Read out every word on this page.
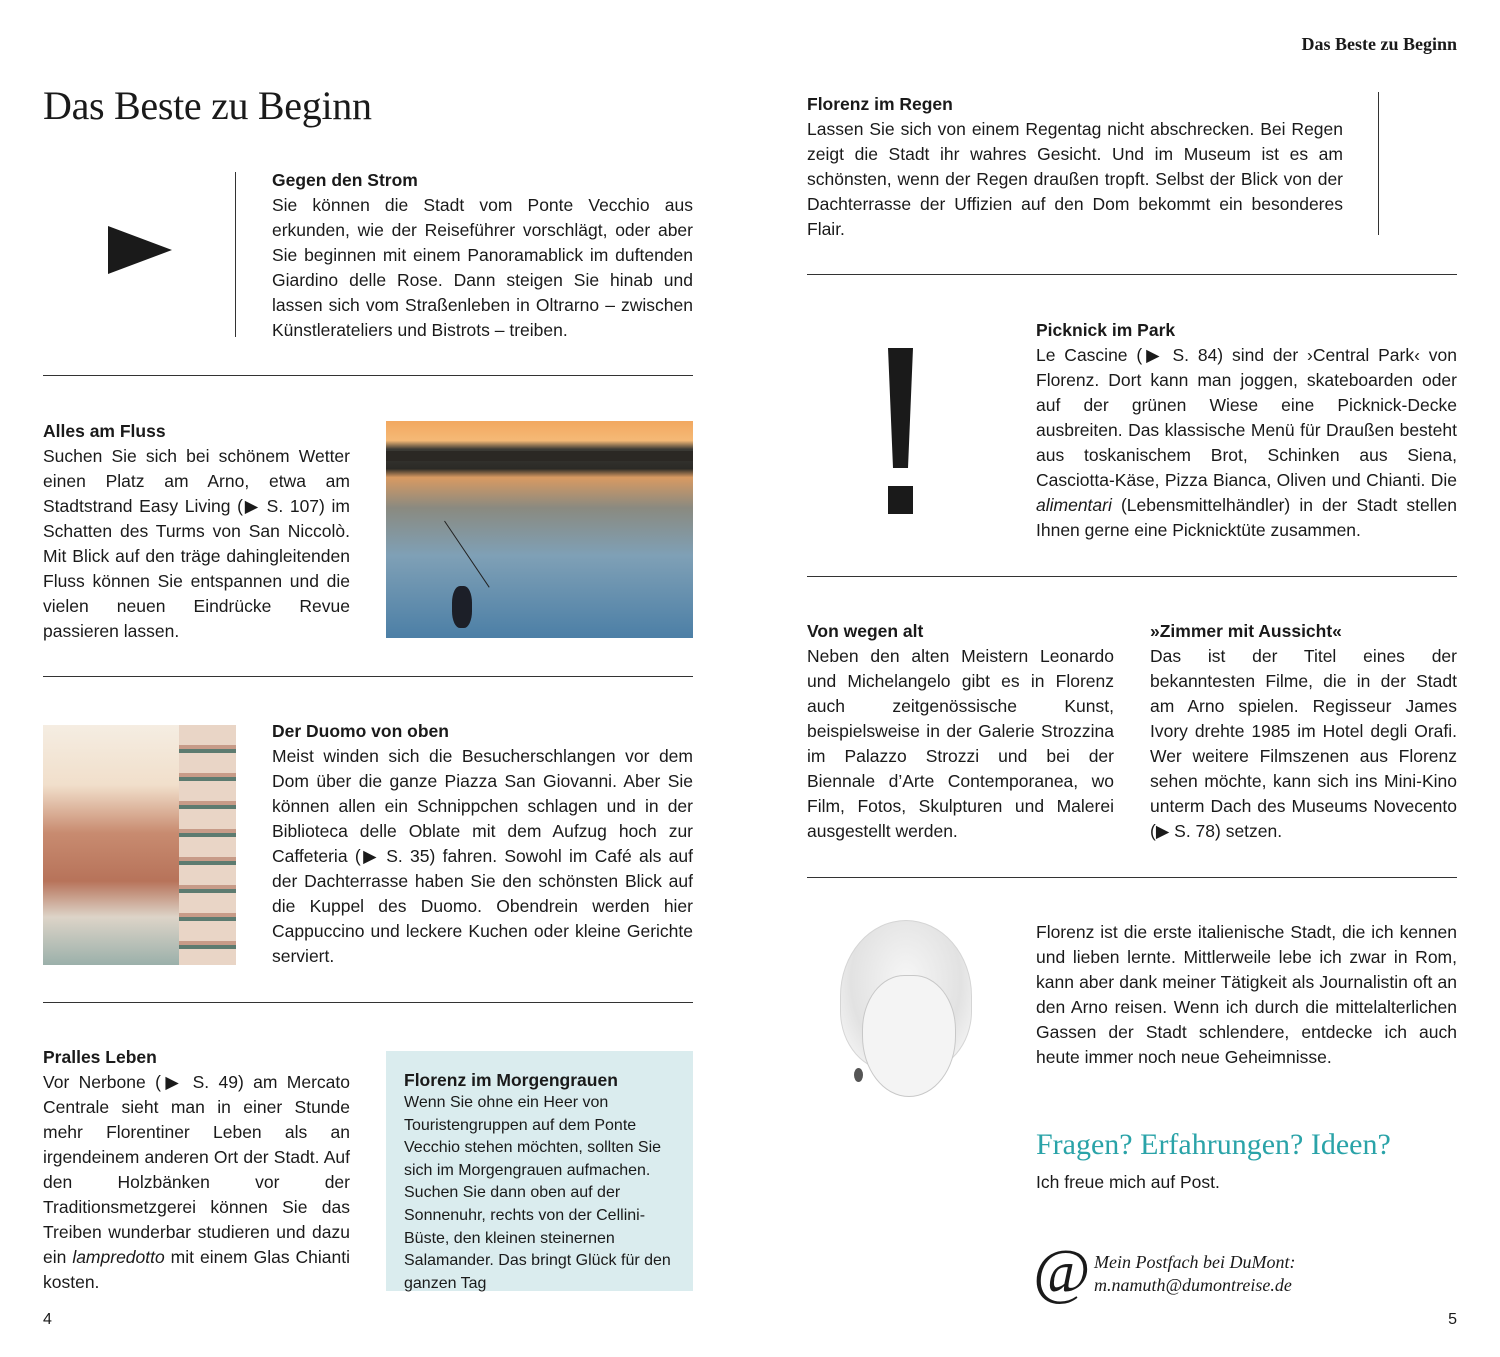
Das Beste zu Beginn
Das Beste zu Beginn
Gegen den Strom
Sie können die Stadt vom Ponte Vecchio aus erkunden, wie der Reiseführer vorschlägt, oder aber Sie beginnen mit einem Panoramablick im duftenden Giardino delle Rose. Dann steigen Sie hinab und lassen sich vom Straßenleben in Oltrarno – zwischen Künstlerateliers und Bistrots – treiben.
Alles am Fluss
Suchen Sie sich bei schönem Wetter einen Platz am Arno, etwa am Stadtstrand Easy Living (▶ S. 107) im Schatten des Turms von San Niccolò. Mit Blick auf den träge dahingleitenden Fluss können Sie entspannen und die vielen neuen Eindrücke Revue passieren lassen.
Der Duomo von oben
Meist winden sich die Besucherschlangen vor dem Dom über die ganze Piazza San Giovanni. Aber Sie können allen ein Schnippchen schlagen und in der Biblioteca delle Oblate mit dem Aufzug hoch zur Caffeteria (▶ S. 35) fahren. Sowohl im Café als auf der Dachterrasse haben Sie den schönsten Blick auf die Kuppel des Duomo. Obendrein werden hier Cappuccino und leckere Kuchen oder kleine Gerichte serviert.
Pralles Leben
Vor Nerbone (▶ S. 49) am Mercato Centrale sieht man in einer Stunde mehr Florentiner Leben als an irgendeinem anderen Ort der Stadt. Auf den Holzbänken vor der Traditionsmetzgerei können Sie das Treiben wunderbar studieren und dazu ein lampredotto mit einem Glas Chianti kosten.
Florenz im Morgengrauen
Wenn Sie ohne ein Heer von Touristengruppen auf dem Ponte Vecchio stehen möchten, sollten Sie sich im Morgengrauen aufmachen. Suchen Sie dann oben auf der Sonnenuhr, rechts von der Cellini-Büste, den kleinen steinernen Salamander. Das bringt Glück für den ganzen Tag
4
Florenz im Regen
Lassen Sie sich von einem Regentag nicht abschrecken. Bei Regen zeigt die Stadt ihr wahres Gesicht. Und im Museum ist es am schönsten, wenn der Regen draußen tropft. Selbst der Blick von der Dachterrasse der Uffizien auf den Dom bekommt ein besonderes Flair.
Picknick im Park
Le Cascine (▶ S. 84) sind der ›Central Park‹ von Florenz. Dort kann man joggen, skateboarden oder auf der grünen Wiese eine Picknick-Decke ausbreiten. Das klassische Menü für Draußen besteht aus toskanischem Brot, Schinken aus Siena, Casciotta-Käse, Pizza Bianca, Oliven und Chianti. Die alimentari (Lebensmittelhändler) in der Stadt stellen Ihnen gerne eine Picknicktüte zusammen.
Von wegen alt
Neben den alten Meistern Leonardo und Michelangelo gibt es in Florenz auch zeitgenössische Kunst, beispielsweise in der Galerie Strozzina im Palazzo Strozzi und bei der Biennale d’Arte Contemporanea, wo Film, Fotos, Skulpturen und Malerei ausgestellt werden.
»Zimmer mit Aussicht«
Das ist der Titel eines der bekanntesten Filme, die in der Stadt am Arno spielen. Regisseur James Ivory drehte 1985 im Hotel degli Orafi. Wer weitere Filmszenen aus Florenz sehen möchte, kann sich ins Mini-Kino unterm Dach des Museums Novecento (▶ S. 78) setzen.
Florenz ist die erste italienische Stadt, die ich kennen und lieben lernte. Mittlerweile lebe ich zwar in Rom, kann aber dank meiner Tätigkeit als Journalistin oft an den Arno reisen. Wenn ich durch die mittelalterlichen Gassen der Stadt schlendere, entdecke ich auch heute immer noch neue Geheimnisse.
Fragen? Erfahrungen? Ideen?
Ich freue mich auf Post.
@ Mein Postfach bei DuMont:
m.namuth@dumontreise.de
5
